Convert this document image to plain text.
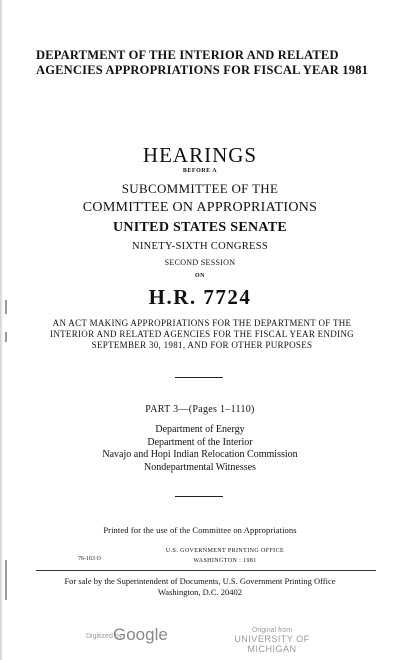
DEPARTMENT OF THE INTERIOR AND RELATED AGENCIES APPROPRIATIONS FOR FISCAL YEAR 1981
HEARINGS
BEFORE A
SUBCOMMITTEE OF THE
COMMITTEE ON APPROPRIATIONS
UNITED STATES SENATE
NINETY-SIXTH CONGRESS
SECOND SESSION
ON
H.R. 7724
AN ACT MAKING APPROPRIATIONS FOR THE DEPARTMENT OF THE INTERIOR AND RELATED AGENCIES FOR THE FISCAL YEAR ENDING SEPTEMBER 30, 1981, AND FOR OTHER PURPOSES
PART 3—(Pages 1–1110)
Department of Energy
Department of the Interior
Navajo and Hopi Indian Relocation Commission
Nondepartmental Witnesses
Printed for the use of the Committee on Appropriations
76-163 O
U.S. GOVERNMENT PRINTING OFFICE
WASHINGTON : 1981
For sale by the Superintendent of Documents, U.S. Government Printing Office
Washington, D.C. 20402
Digitized by
Google	Original from
UNIVERSITY OF MICHIGAN
